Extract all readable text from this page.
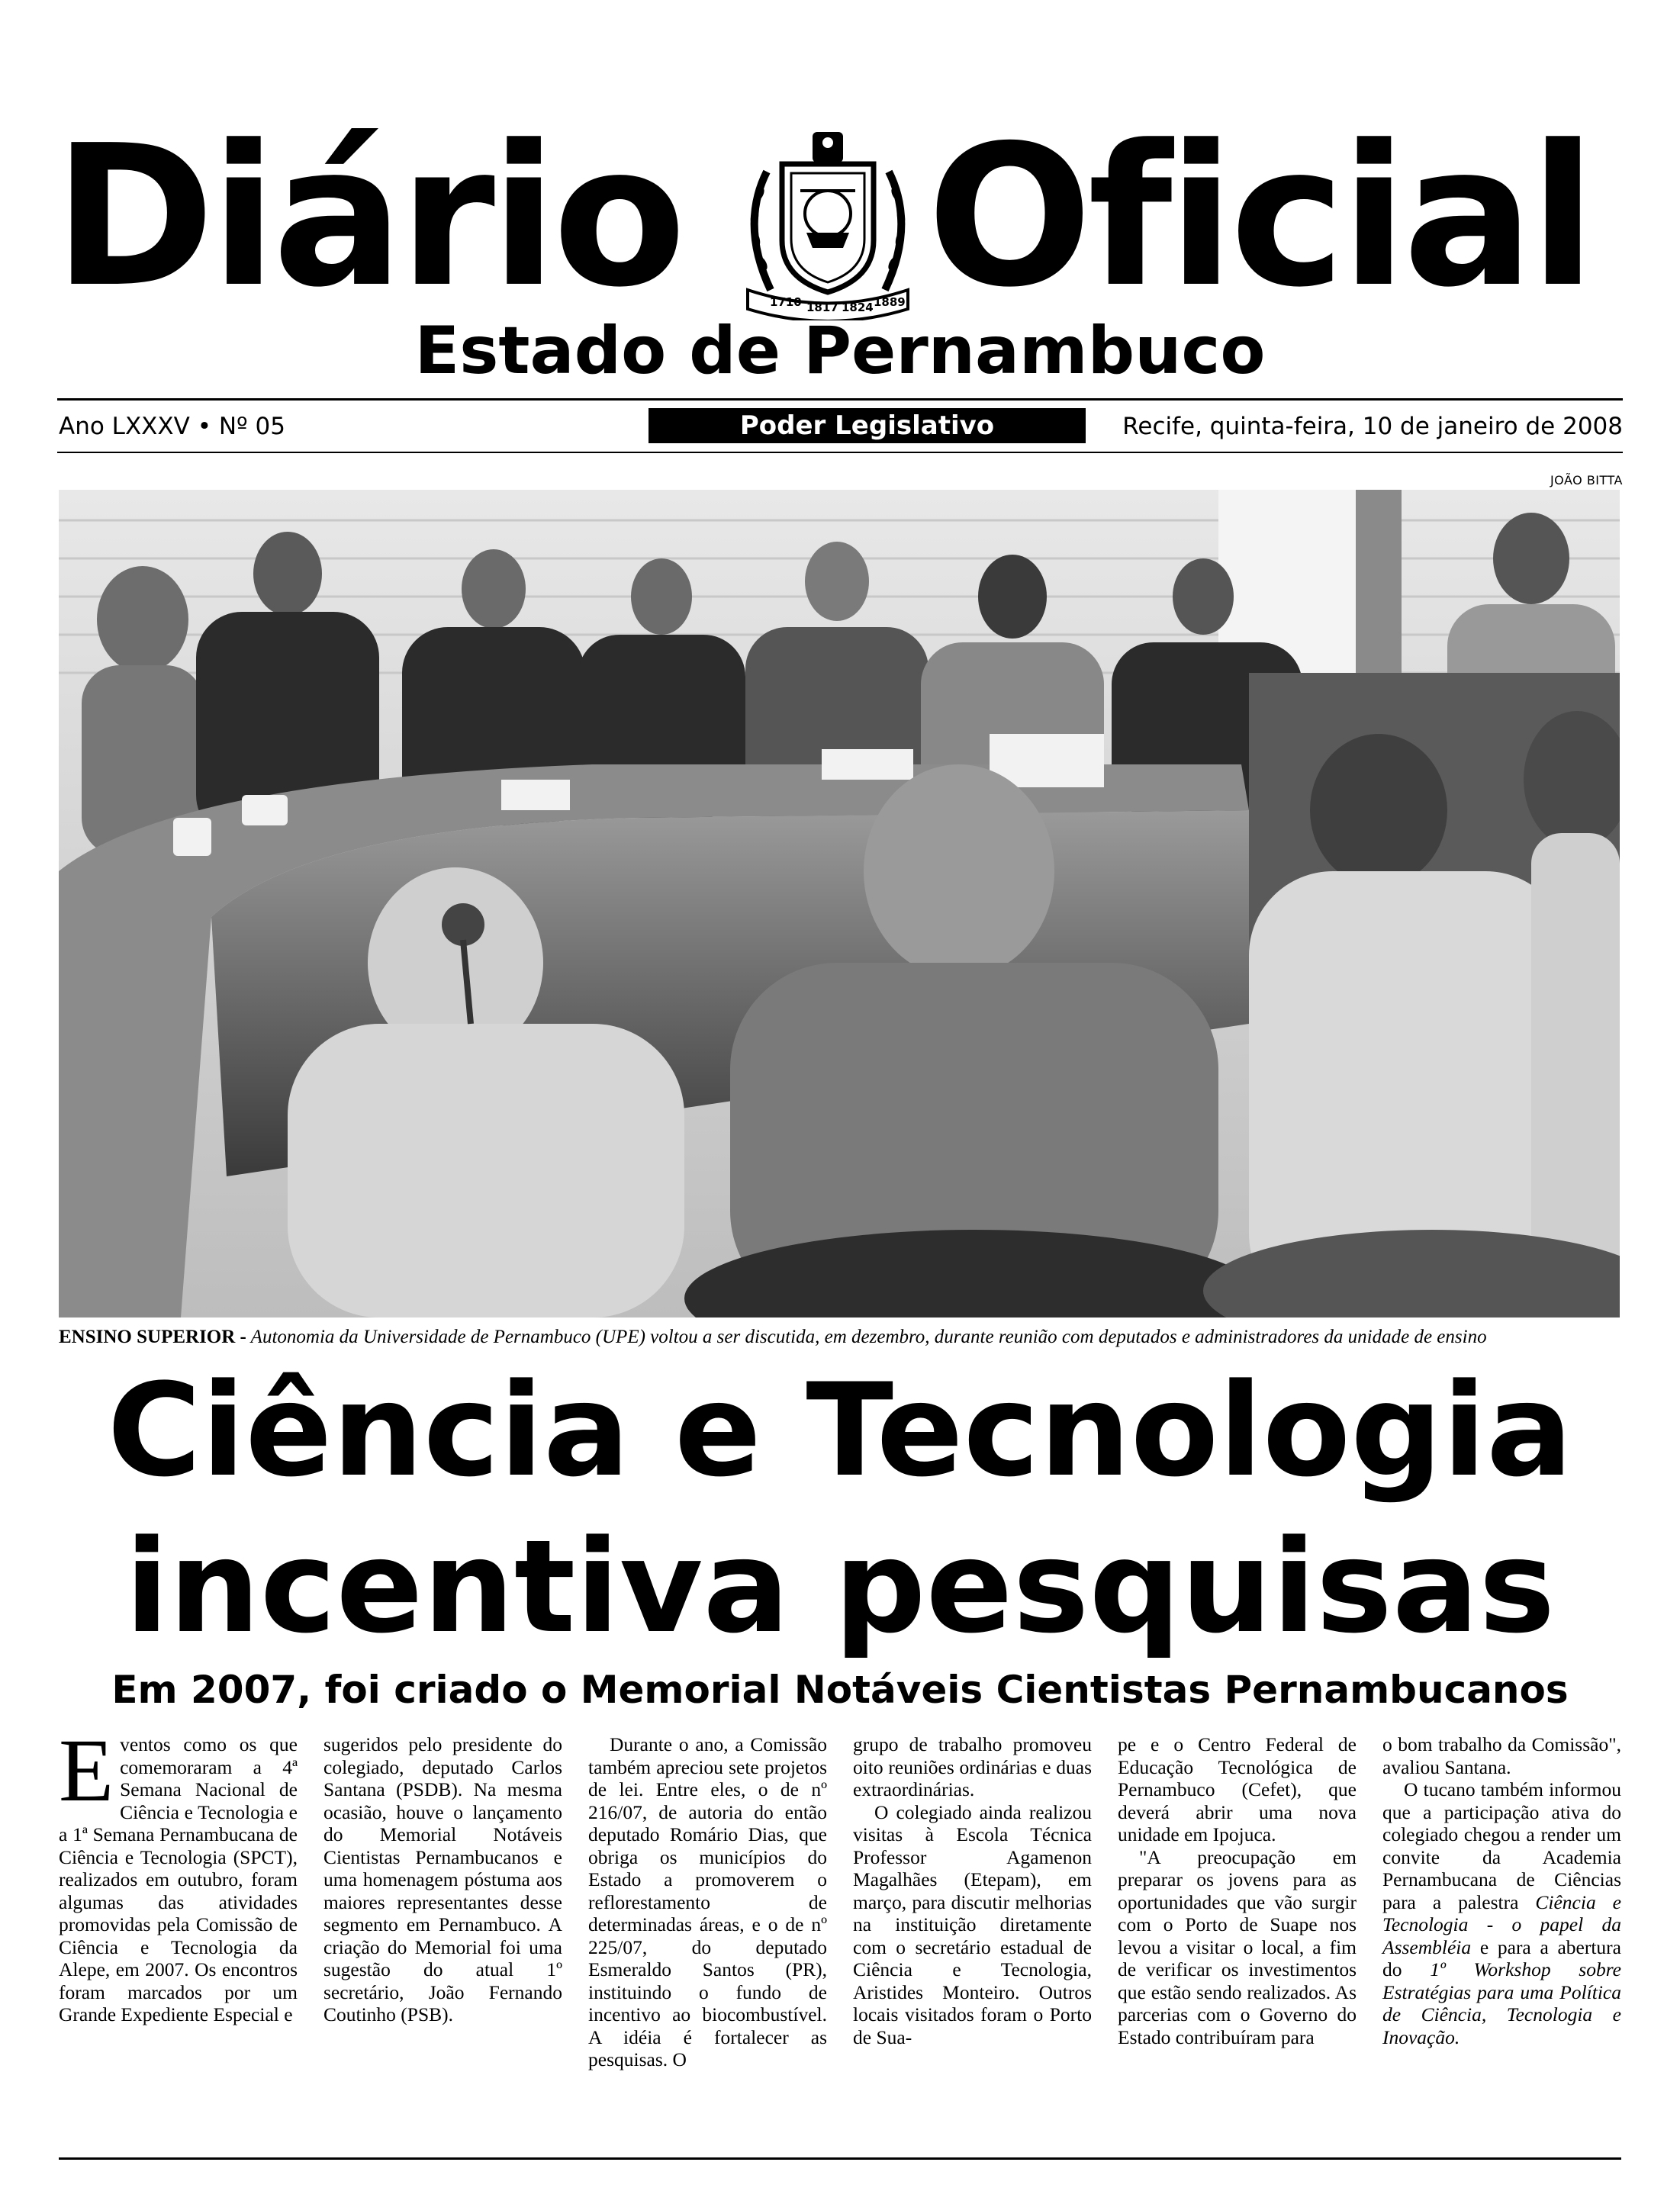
Diário	1710 1817 1824 1889 Oficial
Estado de Pernambuco
Ano LXXXV • Nº 05	Poder Legislativo	Recife, quinta-feira, 10 de janeiro de 2008
JOÃO BITTA
ENSINO SUPERIOR - Autonomia da Universidade de Pernambuco (UPE) voltou a ser discutida, em dezembro, durante reunião com deputados e administradores da unidade de ensino
Ciência e Tecnologia
incentiva pesquisas
Em 2007, foi criado o Memorial Notáveis Cientistas Pernambucanos

Eventos como os que comemoraram a 4ª Semana Nacional de Ciência e Tecnologia e a 1ª Semana Pernambucana de Ciência e Tecnologia (SPCT), realizados em outubro, foram algumas das atividades promovidas pela Comissão de Ciência e Tecnologia da Alepe, em 2007. Os encontros foram marcados por um Grande Expediente Especial e

sugeridos pelo presidente do colegiado, deputado Carlos Santana (PSDB). Na mesma ocasião, houve o lançamento do Memorial Notáveis Cientistas Pernambucanos e uma homenagem póstuma aos maiores representantes desse segmento em Pernambuco. A criação do Memorial foi uma sugestão do atual 1º secretário, João Fernando Coutinho (PSB).

Durante o ano, a Comissão também apreciou sete projetos de lei. Entre eles, o de nº 216/07, de autoria do então deputado Romário Dias, que obriga os municípios do Estado a promoverem o reflorestamento de determinadas áreas, e o de nº 225/07, do deputado Esmeraldo Santos (PR), instituindo o fundo de incentivo ao biocombustível. A idéia é fortalecer as pesquisas. O

grupo de trabalho promoveu oito reuniões ordinárias e duas extraordinárias.

O colegiado ainda realizou visitas à Escola Técnica Professor Agamenon Magalhães (Etepam), em março, para discutir melhorias na instituição diretamente com o secretário estadual de Ciência e Tecnologia, Aristides Monteiro. Outros locais visitados foram o Porto de Sua-

pe e o Centro Federal de Educação Tecnológica de Pernambuco (Cefet), que deverá abrir uma nova unidade em Ipojuca.

"A preocupação em preparar os jovens para as oportunidades que vão surgir com o Porto de Suape nos levou a visitar o local, a fim de verificar os investimentos que estão sendo realizados. As parcerias com o Governo do Estado contribuíram para

o bom trabalho da Comissão", avaliou Santana.

O tucano também informou que a participação ativa do colegiado chegou a render um convite da Academia Pernambucana de Ciências para a palestra Ciência e Tecnologia - o papel da Assembléia e para a abertura do 1º Workshop sobre Estratégias para uma Política de Ciência, Tecnologia e Inovação.
